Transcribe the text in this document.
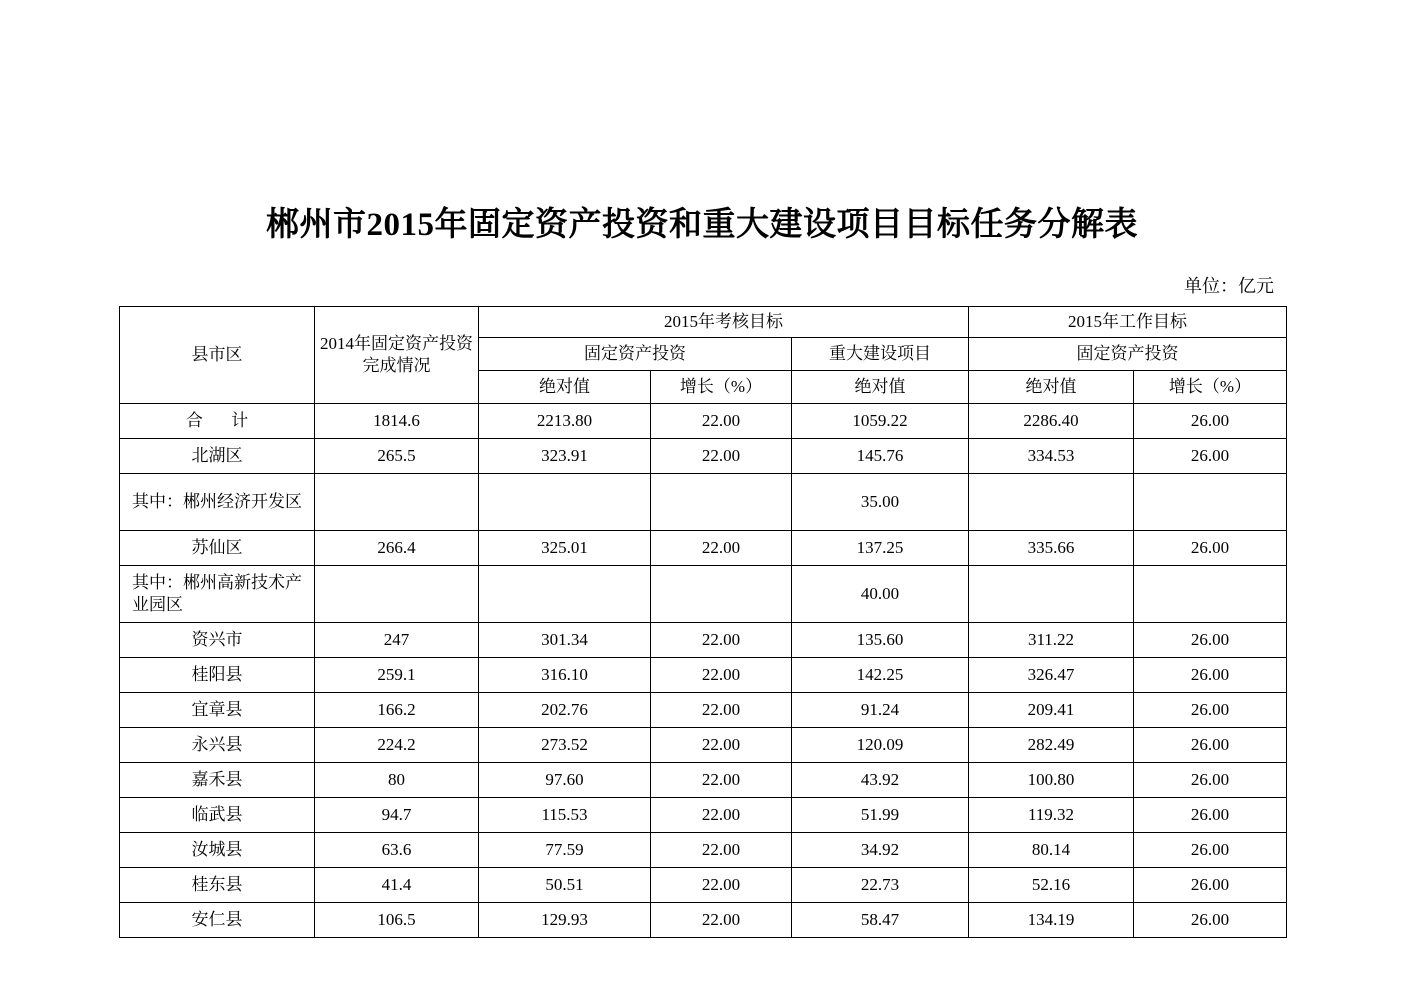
郴州市2015年固定资产投资和重大建设项目目标任务分解表
单位：亿元
县市区	2014年固定资产投资完成情况	2015年考核目标			2015年工作目标	
		固定资产投资		重大建设项目	固定资产投资	
		绝对值	增长（%）	绝对值	绝对值	增长（%）
合 计	1814.6	2213.80	22.00	1059.22	2286.40	26.00
北湖区	265.5	323.91	22.00	145.76	334.53	26.00

其中：郴州经济开发区				35.00		
苏仙区	266.4	325.01	22.00	137.25	335.66	26.00

其中：郴州高新技术产业园区				40.00		
资兴市	247	301.34	22.00	135.60	311.22	26.00
桂阳县	259.1	316.10	22.00	142.25	326.47	26.00
宜章县	166.2	202.76	22.00	91.24	209.41	26.00
永兴县	224.2	273.52	22.00	120.09	282.49	26.00
嘉禾县	80	97.60	22.00	43.92	100.80	26.00
临武县	94.7	115.53	22.00	51.99	119.32	26.00
汝城县	63.6	77.59	22.00	34.92	80.14	26.00
桂东县	41.4	50.51	22.00	22.73	52.16	26.00
安仁县	106.5	129.93	22.00	58.47	134.19	26.00
